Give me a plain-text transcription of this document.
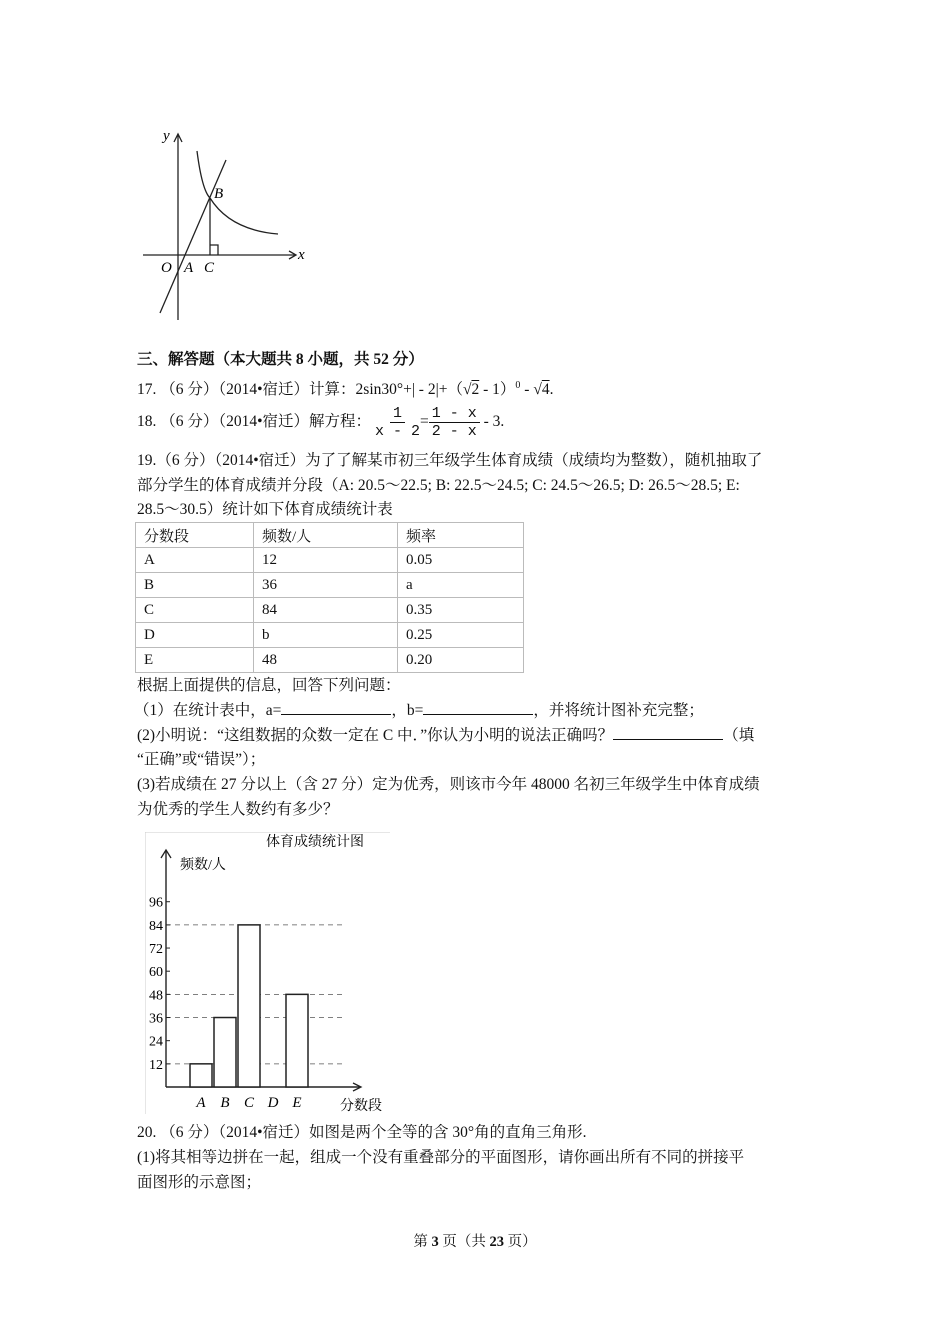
y
x
O A
B
C
三、解答题（本大题共 8 小题，共 52 分）
17. （6 分）（2014•宿迁）计算：2sin30°+| - 2|+（√2 - 1）$^0$ - √4.
18. （6 分）（2014•宿迁）解方程： $\frac{1}{x - 2} = \frac{1 - x}{2 - x} - 3$.
19.（6 分）（2014•宿迁）为了了解某市初三年级学生体育成绩（成绩均为整数），随机抽取了
部分学生的体育成绩并分段（A: 20.5～22.5; B: 22.5～24.5; C: 24.5～26.5; D: 26.5～28.5; E:
28.5～30.5）统计如下体育成绩统计表
分数段	频数/人	频率
A	12	0.05
B	36	a
C	84	0.35
D	b	0.25
E	48	0.20
根据上面提供的信息，回答下列问题：
（1）在统计表中，a=	，b=	，并将统计图补充完整；
(2)小明说：“这组数据的众数一定在 C 中．”你认为小明的说法正确吗？	（填
“正确”或“错误”）；
(3)若成绩在 27 分以上（含 27 分）定为优秀，则该市今年 48000 名初三年级学生中体育成绩
为优秀的学生人数约有多少？
体育成绩统计图
频数/人
分数段
12
24
36
48
60
72
84
96
A B C D E
20. （6 分）（2014•宿迁）如图是两个全等的含 30°角的直角三角形.
(1)将其相等边拼在一起，组成一个没有重叠部分的平面图形，请你画出所有不同的拼接平
面图形的示意图；
第 3 页（共 23 页）
